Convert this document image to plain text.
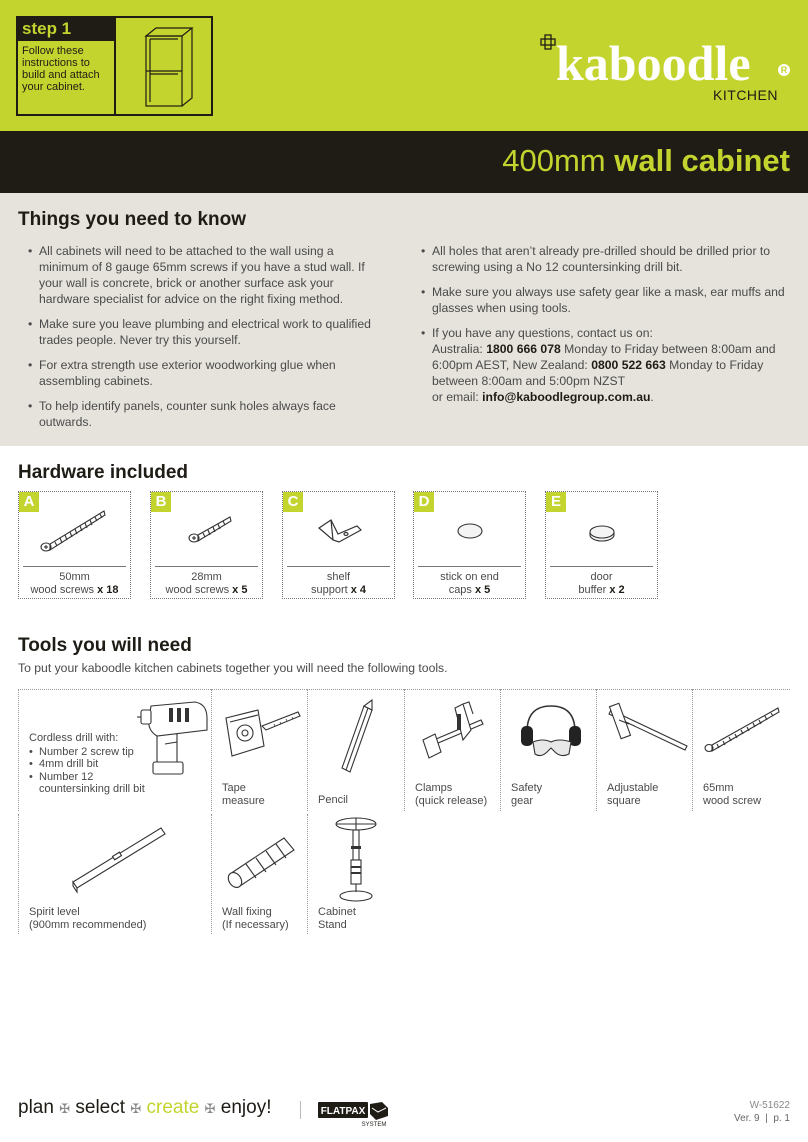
step 1
Follow these instructions to build and attach your cabinet.	kaboodle	R
KITCHEN
400mm wall cabinet
Things you need to know
• All cabinets will need to be attached to the wall using a minimum of 8 gauge 65mm screws if you have a stud wall. If your wall is concrete, brick or another surface ask your hardware specialist for advice on the right fixing method.
• Make sure you leave plumbing and electrical work to qualified trades people. Never try this yourself.
• For extra strength use exterior woodworking glue when assembling cabinets.
• To help identify panels, counter sunk holes always face outwards.
• All holes that aren’t already pre-drilled should be drilled prior to screwing using a No 12 countersinking drill bit.
• Make sure you always use safety gear like a mask, ear muffs and glasses when using tools.
• If you have any questions, contact us on:
Australia: 1800 666 078 Monday to Friday between 8:00am and 6:00pm AEST, New Zealand: 0800 522 663 Monday to Friday between 8:00am and 5:00pm NZST
or email: info@kaboodlegroup.com.au.
Hardware included
A
50mm
wood screws x 18
B
28mm
wood screws x 5
C
shelf
support x 4
D
stick on end
caps x 5
E
door
buffer x 2
Tools you will need
To put your kaboodle kitchen cabinets together you will need the following tools.
Cordless drill with:
• Number 2 screw tip
• 4mm drill bit
• Number 12
countersinking drill bit	Tape
measure	Pencil
Clamps
(quick release)
Safety
gear
Adjustable
square
65mm
wood screw
Spirit level
(900mm recommended)
Wall fixing
(If necessary)
Cabinet
Stand
plan ✠ select ✠ create ✠ enjoy!	FLATPAX
SYSTEM
W-51622
Ver. 9  |  p. 1
